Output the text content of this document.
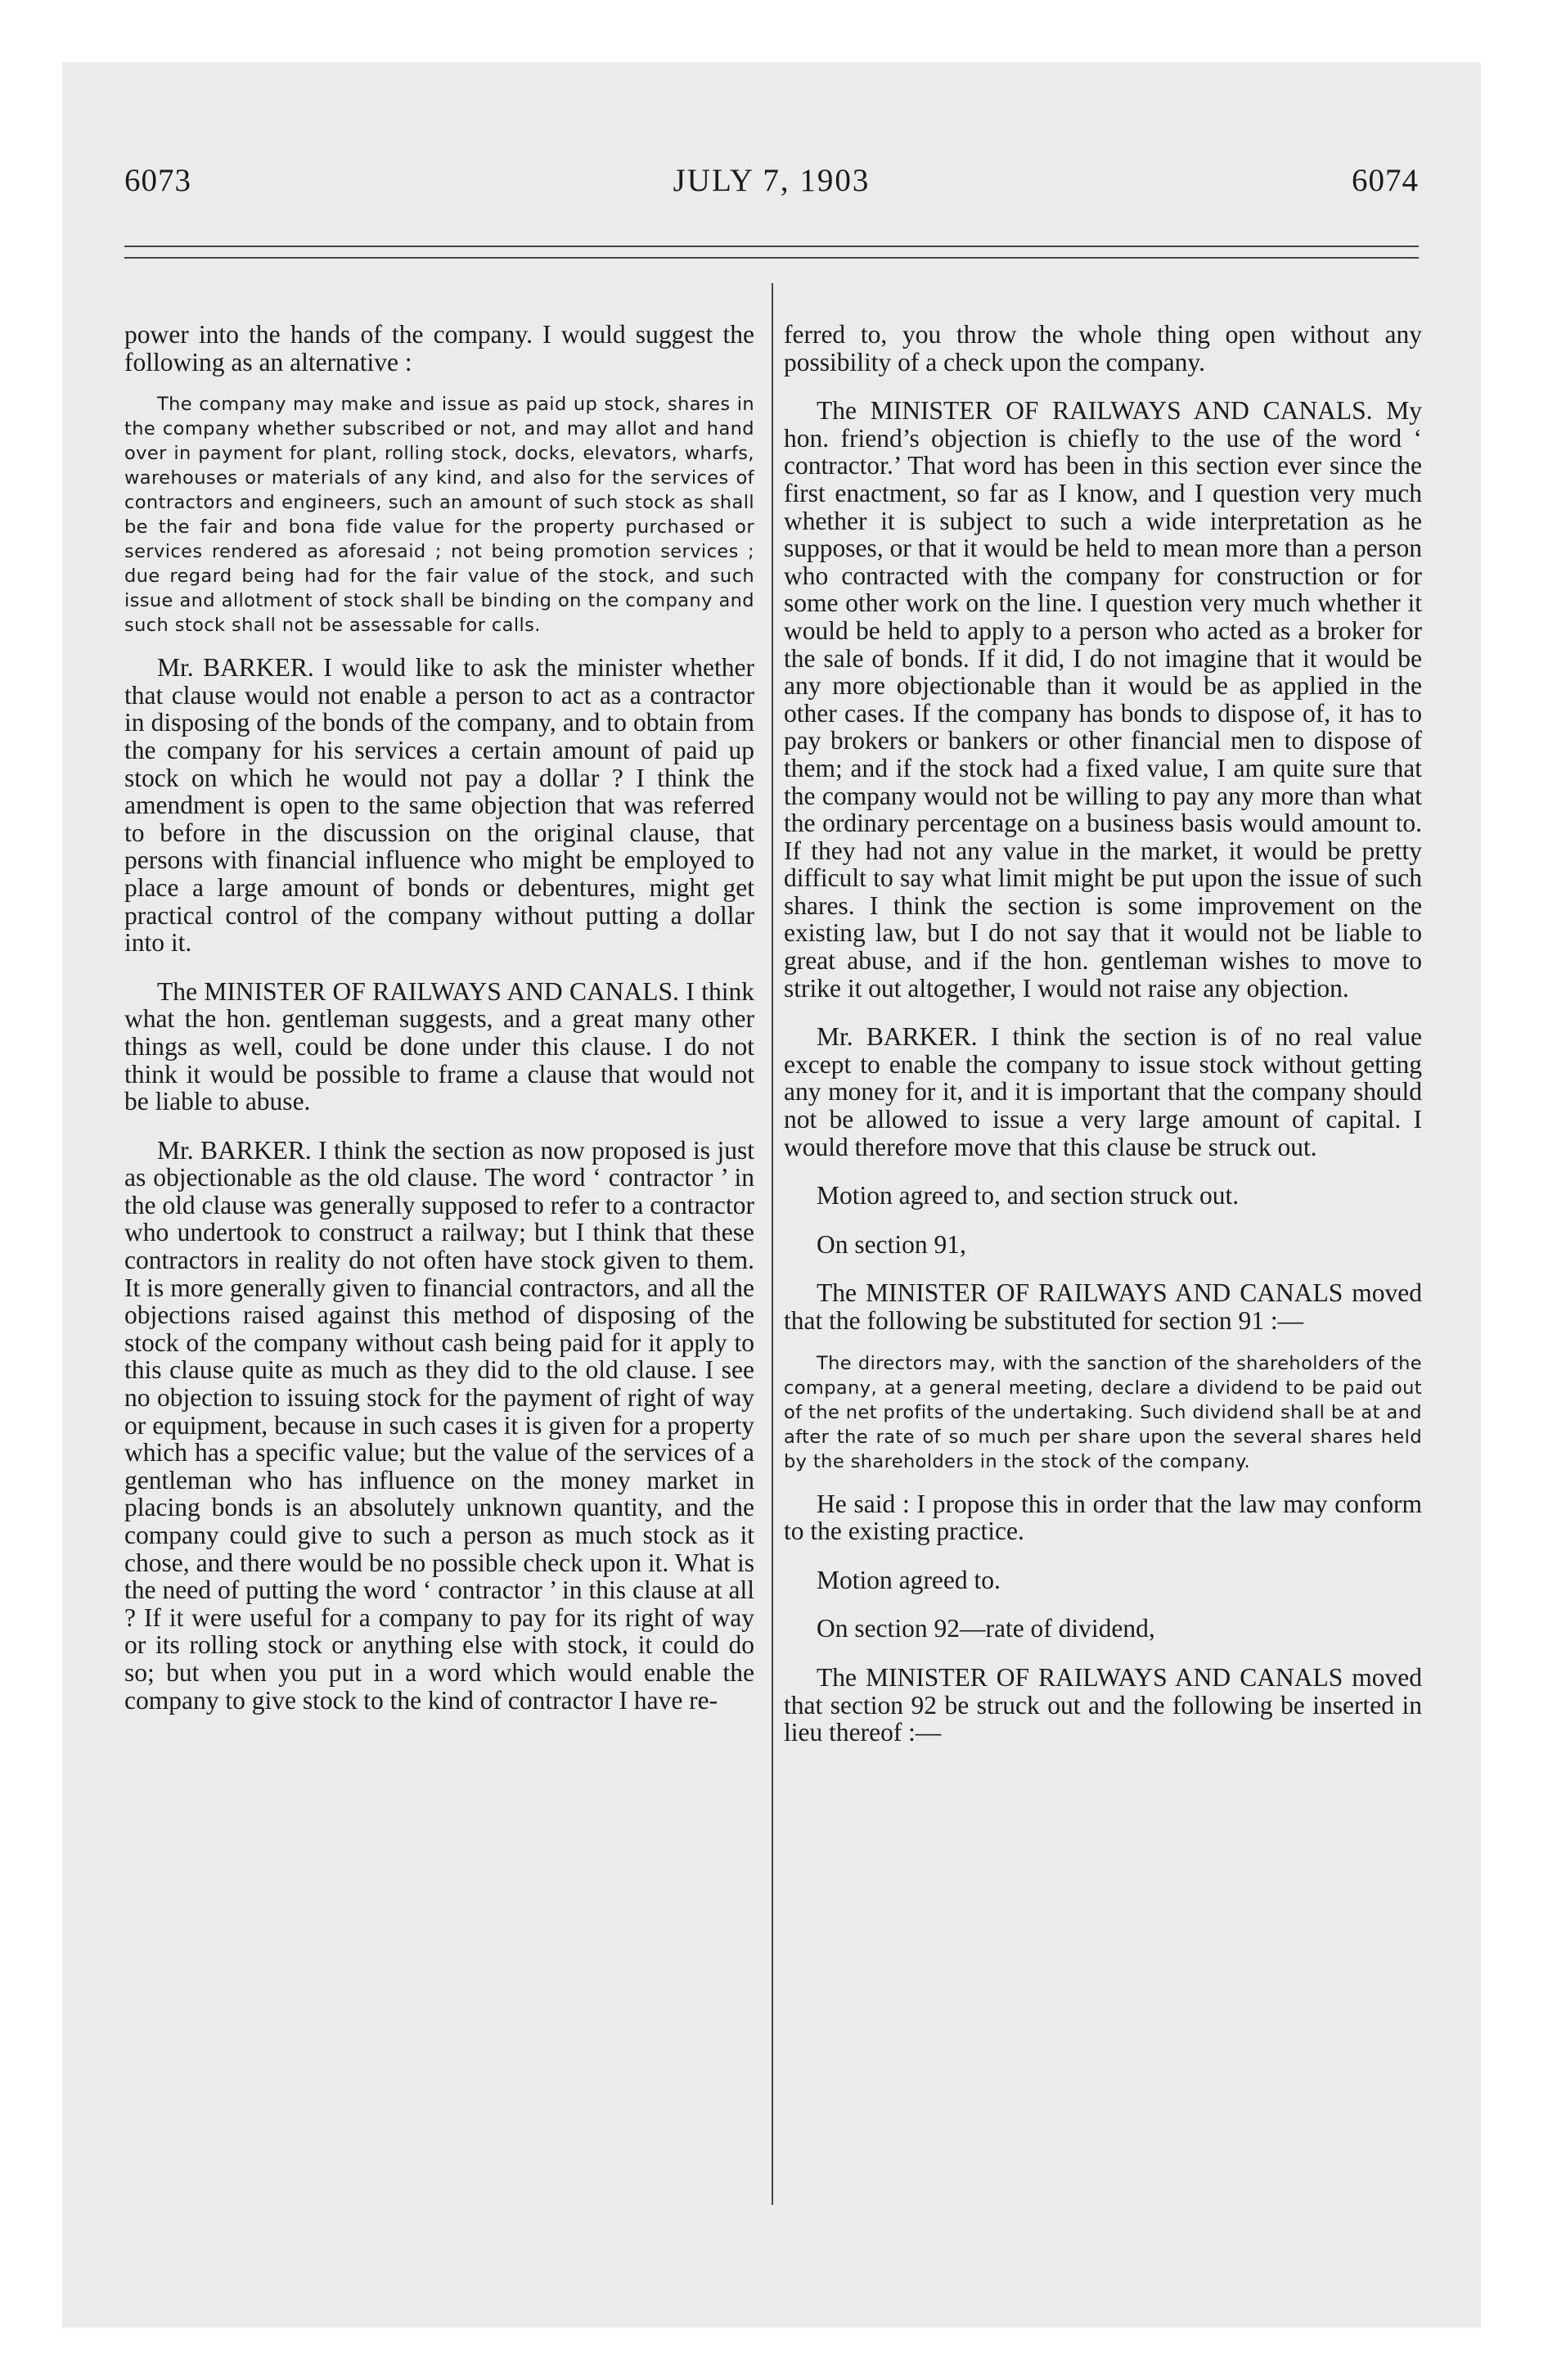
6073	JULY 7, 1903	6074

power into the hands of the company. I would suggest the following as an alternative :

The company may make and issue as paid up stock, shares in the company whether subscribed or not, and may allot and hand over in payment for plant, rolling stock, docks, elevators, wharfs, warehouses or materials of any kind, and also for the services of contractors and engineers, such an amount of such stock as shall be the fair and bona fide value for the property purchased or services rendered as aforesaid ; not being promotion services ; due regard being had for the fair value of the stock, and such issue and allotment of stock shall be binding on the company and such stock shall not be assessable for calls.

Mr. BARKER. I would like to ask the minister whether that clause would not enable a person to act as a contractor in disposing of the bonds of the company, and to obtain from the company for his services a certain amount of paid up stock on which he would not pay a dollar ? I think the amendment is open to the same objection that was referred to before in the discussion on the original clause, that persons with financial influence who might be employed to place a large amount of bonds or debentures, might get practical control of the company without putting a dollar into it.

The MINISTER OF RAILWAYS AND CANALS. I think what the hon. gentleman suggests, and a great many other things as well, could be done under this clause. I do not think it would be possible to frame a clause that would not be liable to abuse.

Mr. BARKER. I think the section as now proposed is just as objectionable as the old clause. The word ‘ contractor ’ in the old clause was generally supposed to refer to a contractor who undertook to construct a railway; but I think that these contractors in reality do not often have stock given to them. It is more generally given to financial contractors, and all the objections raised against this method of disposing of the stock of the company without cash being paid for it apply to this clause quite as much as they did to the old clause. I see no objection to issuing stock for the payment of right of way or equipment, because in such cases it is given for a property which has a specific value; but the value of the services of a gentleman who has influence on the money market in placing bonds is an absolutely unknown quantity, and the company could give to such a person as much stock as it chose, and there would be no possible check upon it. What is the need of putting the word ‘ contractor ’ in this clause at all ? If it were useful for a company to pay for its right of way or its rolling stock or anything else with stock, it could do so; but when you put in a word which would enable the company to give stock to the kind of contractor I have re-

ferred to, you throw the whole thing open without any possibility of a check upon the company.

The MINISTER OF RAILWAYS AND CANALS. My hon. friend’s objection is chiefly to the use of the word ‘ contractor.’ That word has been in this section ever since the first enactment, so far as I know, and I question very much whether it is subject to such a wide interpretation as he supposes, or that it would be held to mean more than a person who contracted with the company for construction or for some other work on the line. I question very much whether it would be held to apply to a person who acted as a broker for the sale of bonds. If it did, I do not imagine that it would be any more objectionable than it would be as applied in the other cases. If the company has bonds to dispose of, it has to pay brokers or bankers or other financial men to dispose of them; and if the stock had a fixed value, I am quite sure that the company would not be willing to pay any more than what the ordinary percentage on a business basis would amount to. If they had not any value in the market, it would be pretty difficult to say what limit might be put upon the issue of such shares. I think the section is some improvement on the existing law, but I do not say that it would not be liable to great abuse, and if the hon. gentleman wishes to move to strike it out altogether, I would not raise any objection.

Mr. BARKER. I think the section is of no real value except to enable the company to issue stock without getting any money for it, and it is important that the company should not be allowed to issue a very large amount of capital. I would therefore move that this clause be struck out.

Motion agreed to, and section struck out.

On section 91,

The MINISTER OF RAILWAYS AND CANALS moved that the following be substituted for section 91 :—

The directors may, with the sanction of the shareholders of the company, at a general meeting, declare a dividend to be paid out of the net profits of the undertaking. Such dividend shall be at and after the rate of so much per share upon the several shares held by the shareholders in the stock of the company.

He said : I propose this in order that the law may conform to the existing practice.

Motion agreed to.

On section 92—rate of dividend,

The MINISTER OF RAILWAYS AND CANALS moved that section 92 be struck out and the following be inserted in lieu thereof :—
